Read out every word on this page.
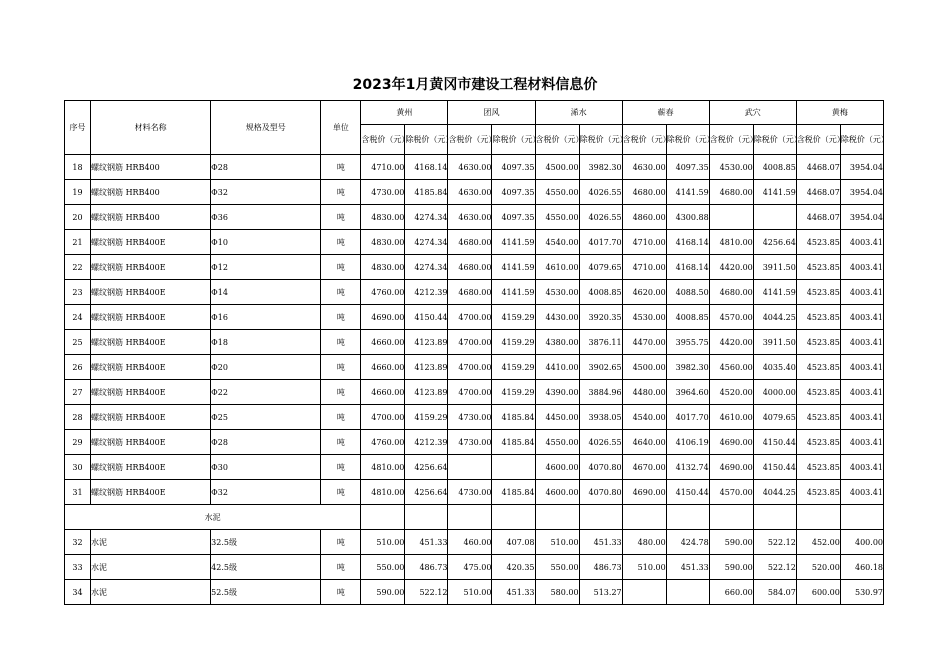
2023年1月黄冈市建设工程材料信息价
序号	材料名称	规格及型号	单位	黄州		团风		浠水		蕲春		武穴		黄梅	
				含税价（元）	除税价（元）	含税价（元）	除税价（元）	含税价（元）	除税价（元）	含税价（元）	除税价（元）	含税价（元）	除税价（元）	含税价（元）	除税价（元）
18	螺纹钢筋 HRB400	Φ28	吨	4710.00	4168.14	4630.00	4097.35	4500.00	3982.30	4630.00	4097.35	4530.00	4008.85	4468.07	3954.04
19	螺纹钢筋 HRB400	Φ32	吨	4730.00	4185.84	4630.00	4097.35	4550.00	4026.55	4680.00	4141.59	4680.00	4141.59	4468.07	3954.04
20	螺纹钢筋 HRB400	Φ36	吨	4830.00	4274.34	4630.00	4097.35	4550.00	4026.55	4860.00	4300.88			4468.07	3954.04
21	螺纹钢筋 HRB400E	Φ10	吨	4830.00	4274.34	4680.00	4141.59	4540.00	4017.70	4710.00	4168.14	4810.00	4256.64	4523.85	4003.41
22	螺纹钢筋 HRB400E	Φ12	吨	4830.00	4274.34	4680.00	4141.59	4610.00	4079.65	4710.00	4168.14	4420.00	3911.50	4523.85	4003.41
23	螺纹钢筋 HRB400E	Φ14	吨	4760.00	4212.39	4680.00	4141.59	4530.00	4008.85	4620.00	4088.50	4680.00	4141.59	4523.85	4003.41
24	螺纹钢筋 HRB400E	Φ16	吨	4690.00	4150.44	4700.00	4159.29	4430.00	3920.35	4530.00	4008.85	4570.00	4044.25	4523.85	4003.41
25	螺纹钢筋 HRB400E	Φ18	吨	4660.00	4123.89	4700.00	4159.29	4380.00	3876.11	4470.00	3955.75	4420.00	3911.50	4523.85	4003.41
26	螺纹钢筋 HRB400E	Φ20	吨	4660.00	4123.89	4700.00	4159.29	4410.00	3902.65	4500.00	3982.30	4560.00	4035.40	4523.85	4003.41
27	螺纹钢筋 HRB400E	Φ22	吨	4660.00	4123.89	4700.00	4159.29	4390.00	3884.96	4480.00	3964.60	4520.00	4000.00	4523.85	4003.41
28	螺纹钢筋 HRB400E	Φ25	吨	4700.00	4159.29	4730.00	4185.84	4450.00	3938.05	4540.00	4017.70	4610.00	4079.65	4523.85	4003.41
29	螺纹钢筋 HRB400E	Φ28	吨	4760.00	4212.39	4730.00	4185.84	4550.00	4026.55	4640.00	4106.19	4690.00	4150.44	4523.85	4003.41
30	螺纹钢筋 HRB400E	Φ30	吨	4810.00	4256.64			4600.00	4070.80	4670.00	4132.74	4690.00	4150.44	4523.85	4003.41
31	螺纹钢筋 HRB400E	Φ32	吨	4810.00	4256.64	4730.00	4185.84	4600.00	4070.80	4690.00	4150.44	4570.00	4044.25	4523.85	4003.41
水泥															
32	水泥	32.5级	吨	510.00	451.33	460.00	407.08	510.00	451.33	480.00	424.78	590.00	522.12	452.00	400.00
33	水泥	42.5级	吨	550.00	486.73	475.00	420.35	550.00	486.73	510.00	451.33	590.00	522.12	520.00	460.18
34	水泥	52.5级	吨	590.00	522.12	510.00	451.33	580.00	513.27			660.00	584.07	600.00	530.97
